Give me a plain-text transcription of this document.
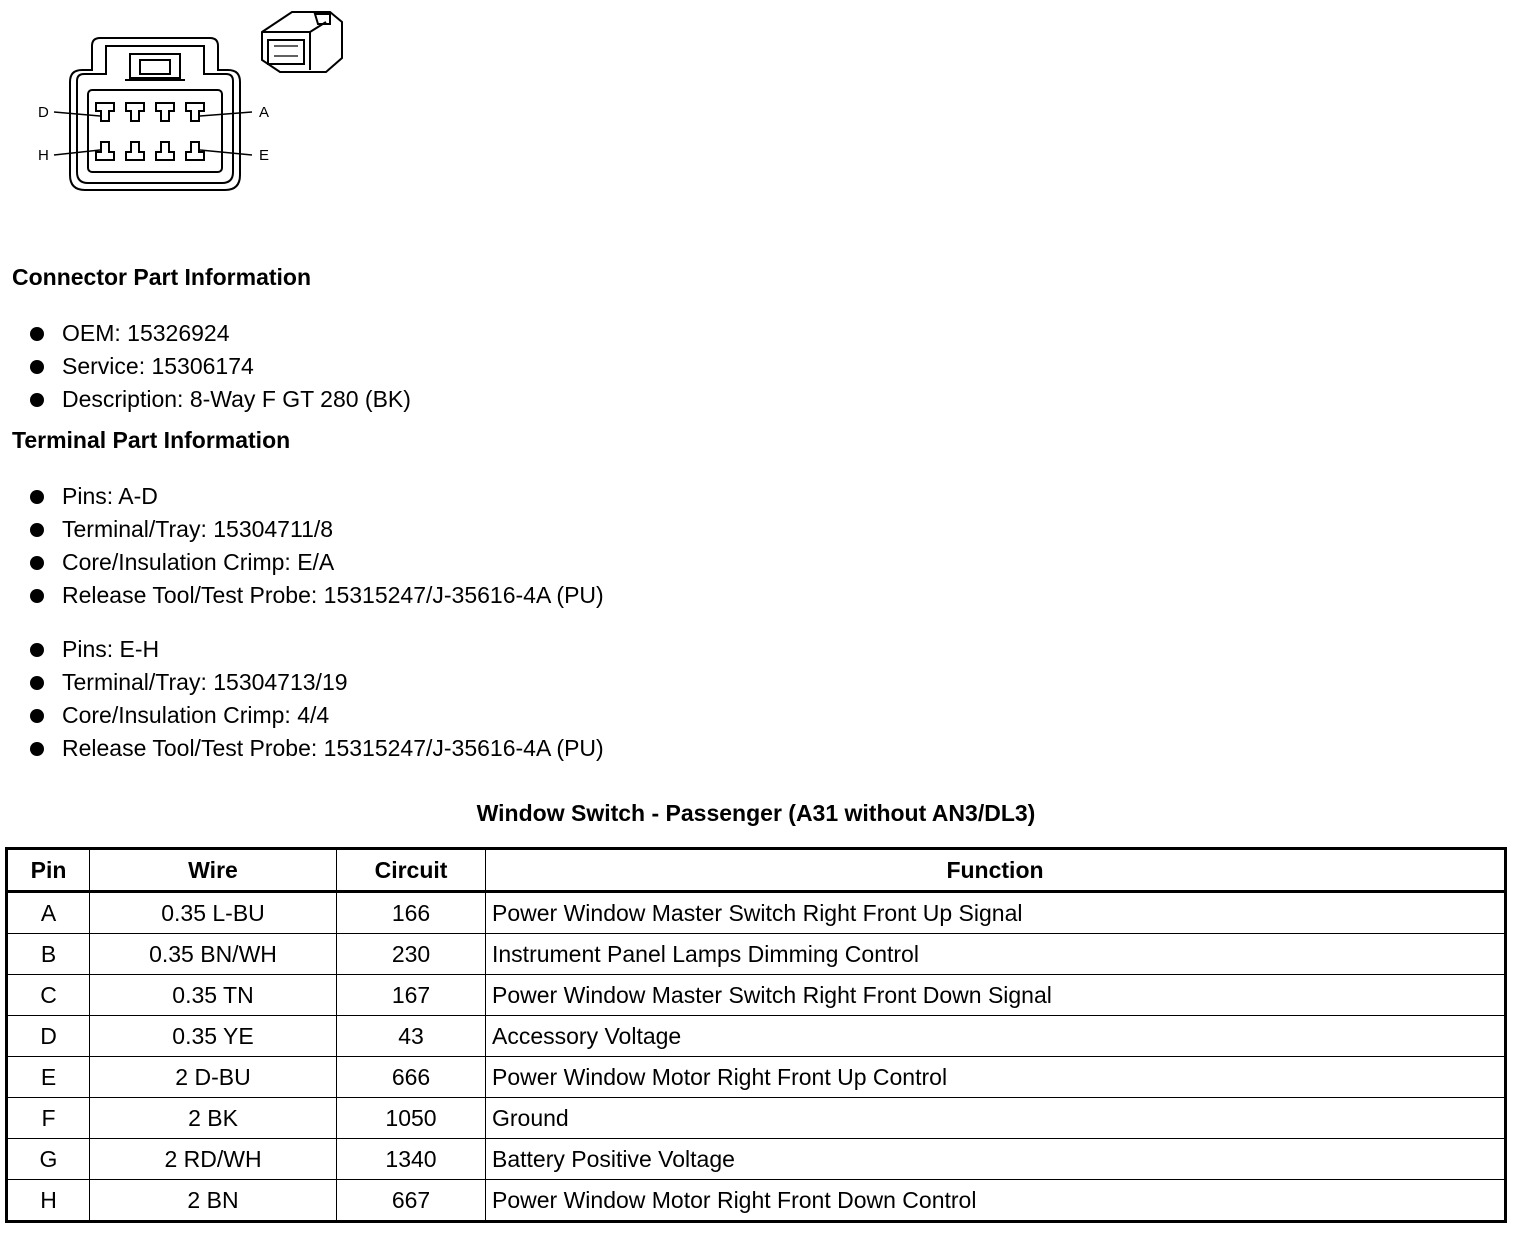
D	A
H	E
Connector Part Information
OEM: 15326924
Service: 15306174
Description: 8-Way F GT 280 (BK)
Terminal Part Information
Pins: A-D
Terminal/Tray: 15304711/8
Core/Insulation Crimp: E/A
Release Tool/Test Probe: 15315247/J-35616-4A (PU)
Pins: E-H
Terminal/Tray: 15304713/19
Core/Insulation Crimp: 4/4
Release Tool/Test Probe: 15315247/J-35616-4A (PU)
Window Switch - Passenger (A31 without AN3/DL3)
Pin	Wire	Circuit	Function
A	0.35 L-BU	166	Power Window Master Switch Right Front Up Signal
B	0.35 BN/WH	230	Instrument Panel Lamps Dimming Control
C	0.35 TN	167	Power Window Master Switch Right Front Down Signal
D	0.35 YE	43	Accessory Voltage
E	2 D-BU	666	Power Window Motor Right Front Up Control
F	2 BK	1050	Ground
G	2 RD/WH	1340	Battery Positive Voltage
H	2 BN	667	Power Window Motor Right Front Down Control
